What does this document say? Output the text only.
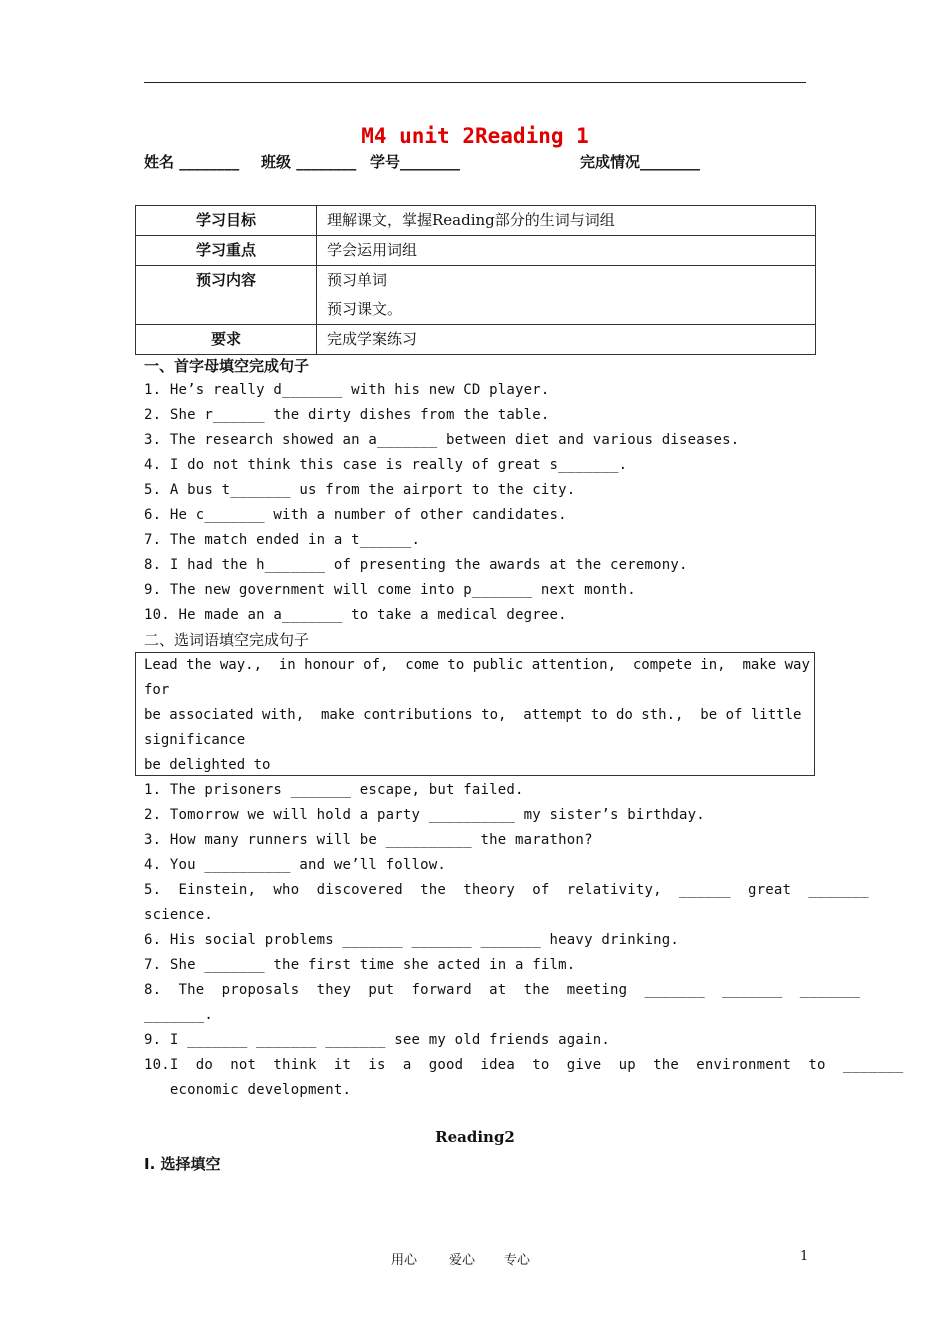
M4 unit 2Reading 1
姓名 ________ 班级 ________ 学号________	完成情况________
学习目标	理解课文，掌握Reading部分的生词与词组
学习重点	学会运用词组
预习内容	预习单词
预习课文。

要求	完成学案练习
一、首字母填空完成句子
1. He’s really d_______ with his new CD player.
2. She r______ the dirty dishes from the table.
3. The research showed an a_______ between diet and various diseases.
4. I do not think this case is really of great s_______.
5. A bus t_______ us from the airport to the city.
6. He c_______ with a number of other candidates.
7. The match ended in a t______.
8. I had the h_______ of presenting the awards at the ceremony.
9. The new government will come into p_______ next month.
10. He made an a_______ to take a medical degree.
二、选词语填空完成句子
Lead the way.,  in honour of,  come to public attention,  compete in,  make way
for
be associated with,  make contributions to,  attempt to do sth.,  be of little
significance
be delighted to
1. The prisoners _______ escape, but failed.
2. Tomorrow we will hold a party __________ my sister’s birthday.
3. How many runners will be __________ the marathon?
4. You __________ and we’ll follow.
5.  Einstein,  who  discovered  the  theory  of  relativity,  ______  great  _______
science.
6. His social problems _______ _______ _______ heavy drinking.
7. She _______ the first time she acted in a film.
8.  The  proposals  they  put  forward  at  the  meeting  _______  _______  _______
_______.
9. I _______ _______ _______ see my old friends again.
10.I  do  not  think  it  is  a  good  idea  to  give  up  the  environment  to  _______
economic development.
Reading2
I. 选择填空
用心 爱心 专心	1
